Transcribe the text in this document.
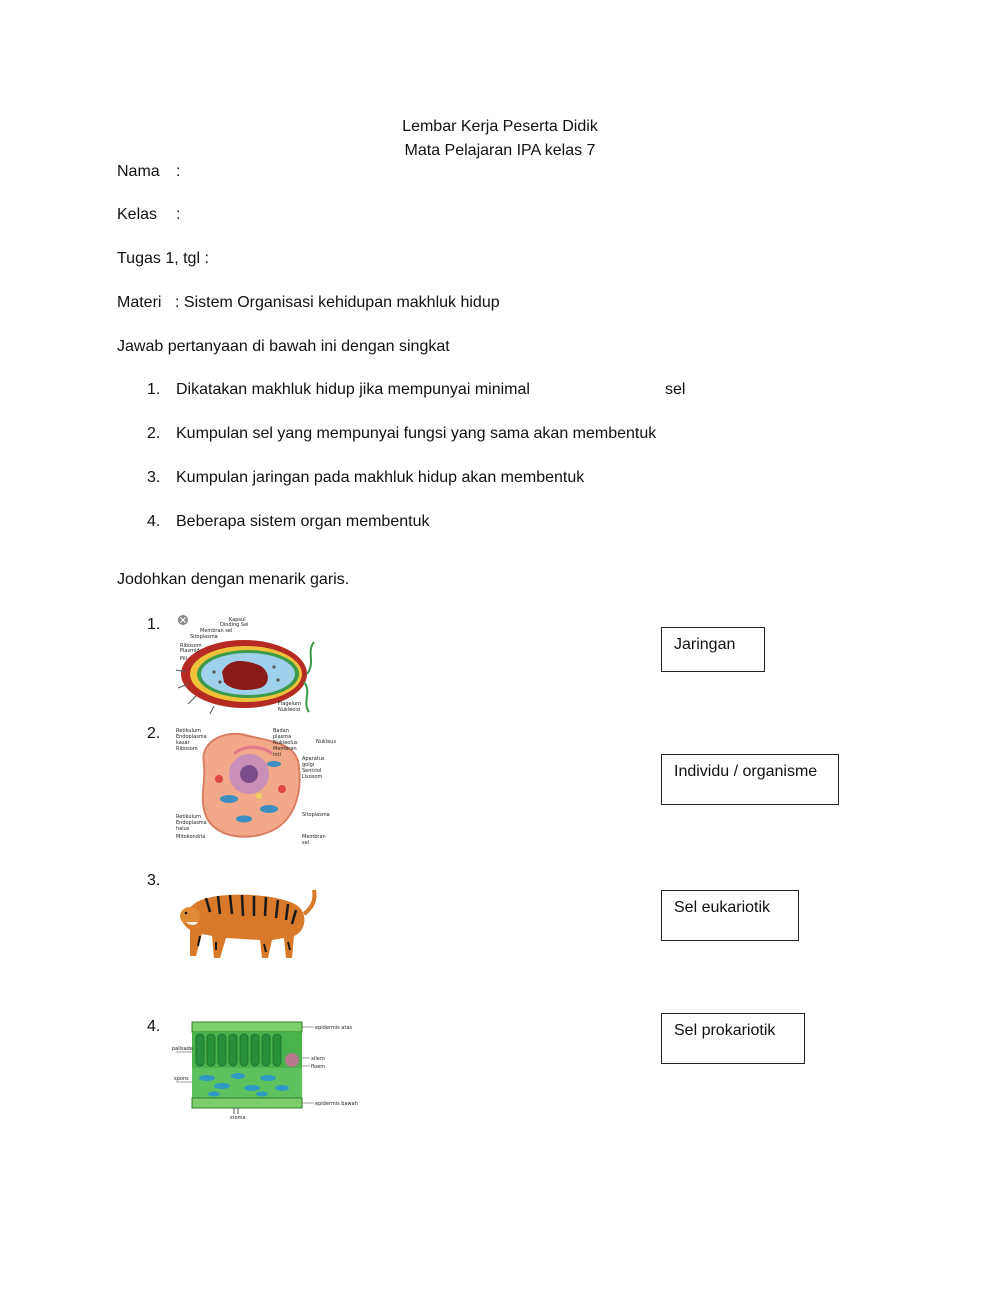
Lembar Kerja Peserta Didik
Mata Pelajaran IPA kelas 7
Nama :
Kelas :
Tugas 1, tgl :
Materi : Sistem Organisasi kehidupan makhluk hidup
Jawab pertanyaan di bawah ini dengan singkat
1. Dikatakan makhluk hidup jika mempunyai minimal	sel
2. Kumpulan sel yang mempunyai fungsi yang sama akan membentuk
3. Kumpulan jaringan pada makhluk hidup akan membentuk
4. Beberapa sistem organ membentuk
Jodohkan dengan menarik garis.
1.
2.
3.
4.
Kapsul
Dinding Sel
Membran sel
Sitoplasma
Ribosom
Plasmid
Pili
Flagelum
Nukleoid
Retikulum
Endoplasma
kasar
Ribosom
Badan
plasma
Nukleolus
Membran
inti
Nukleus
Aparatus
golgi
Sentriol
Lisosom
Sitoplasma
Membran
sel
Retikulum
Endoplasma
halus
Mitokondria
epidermis atas
xilem
floem
epidermis bawah
palisade
spons
stoma
Jaringan
Individu / organisme
Sel eukariotik
Sel prokariotik
